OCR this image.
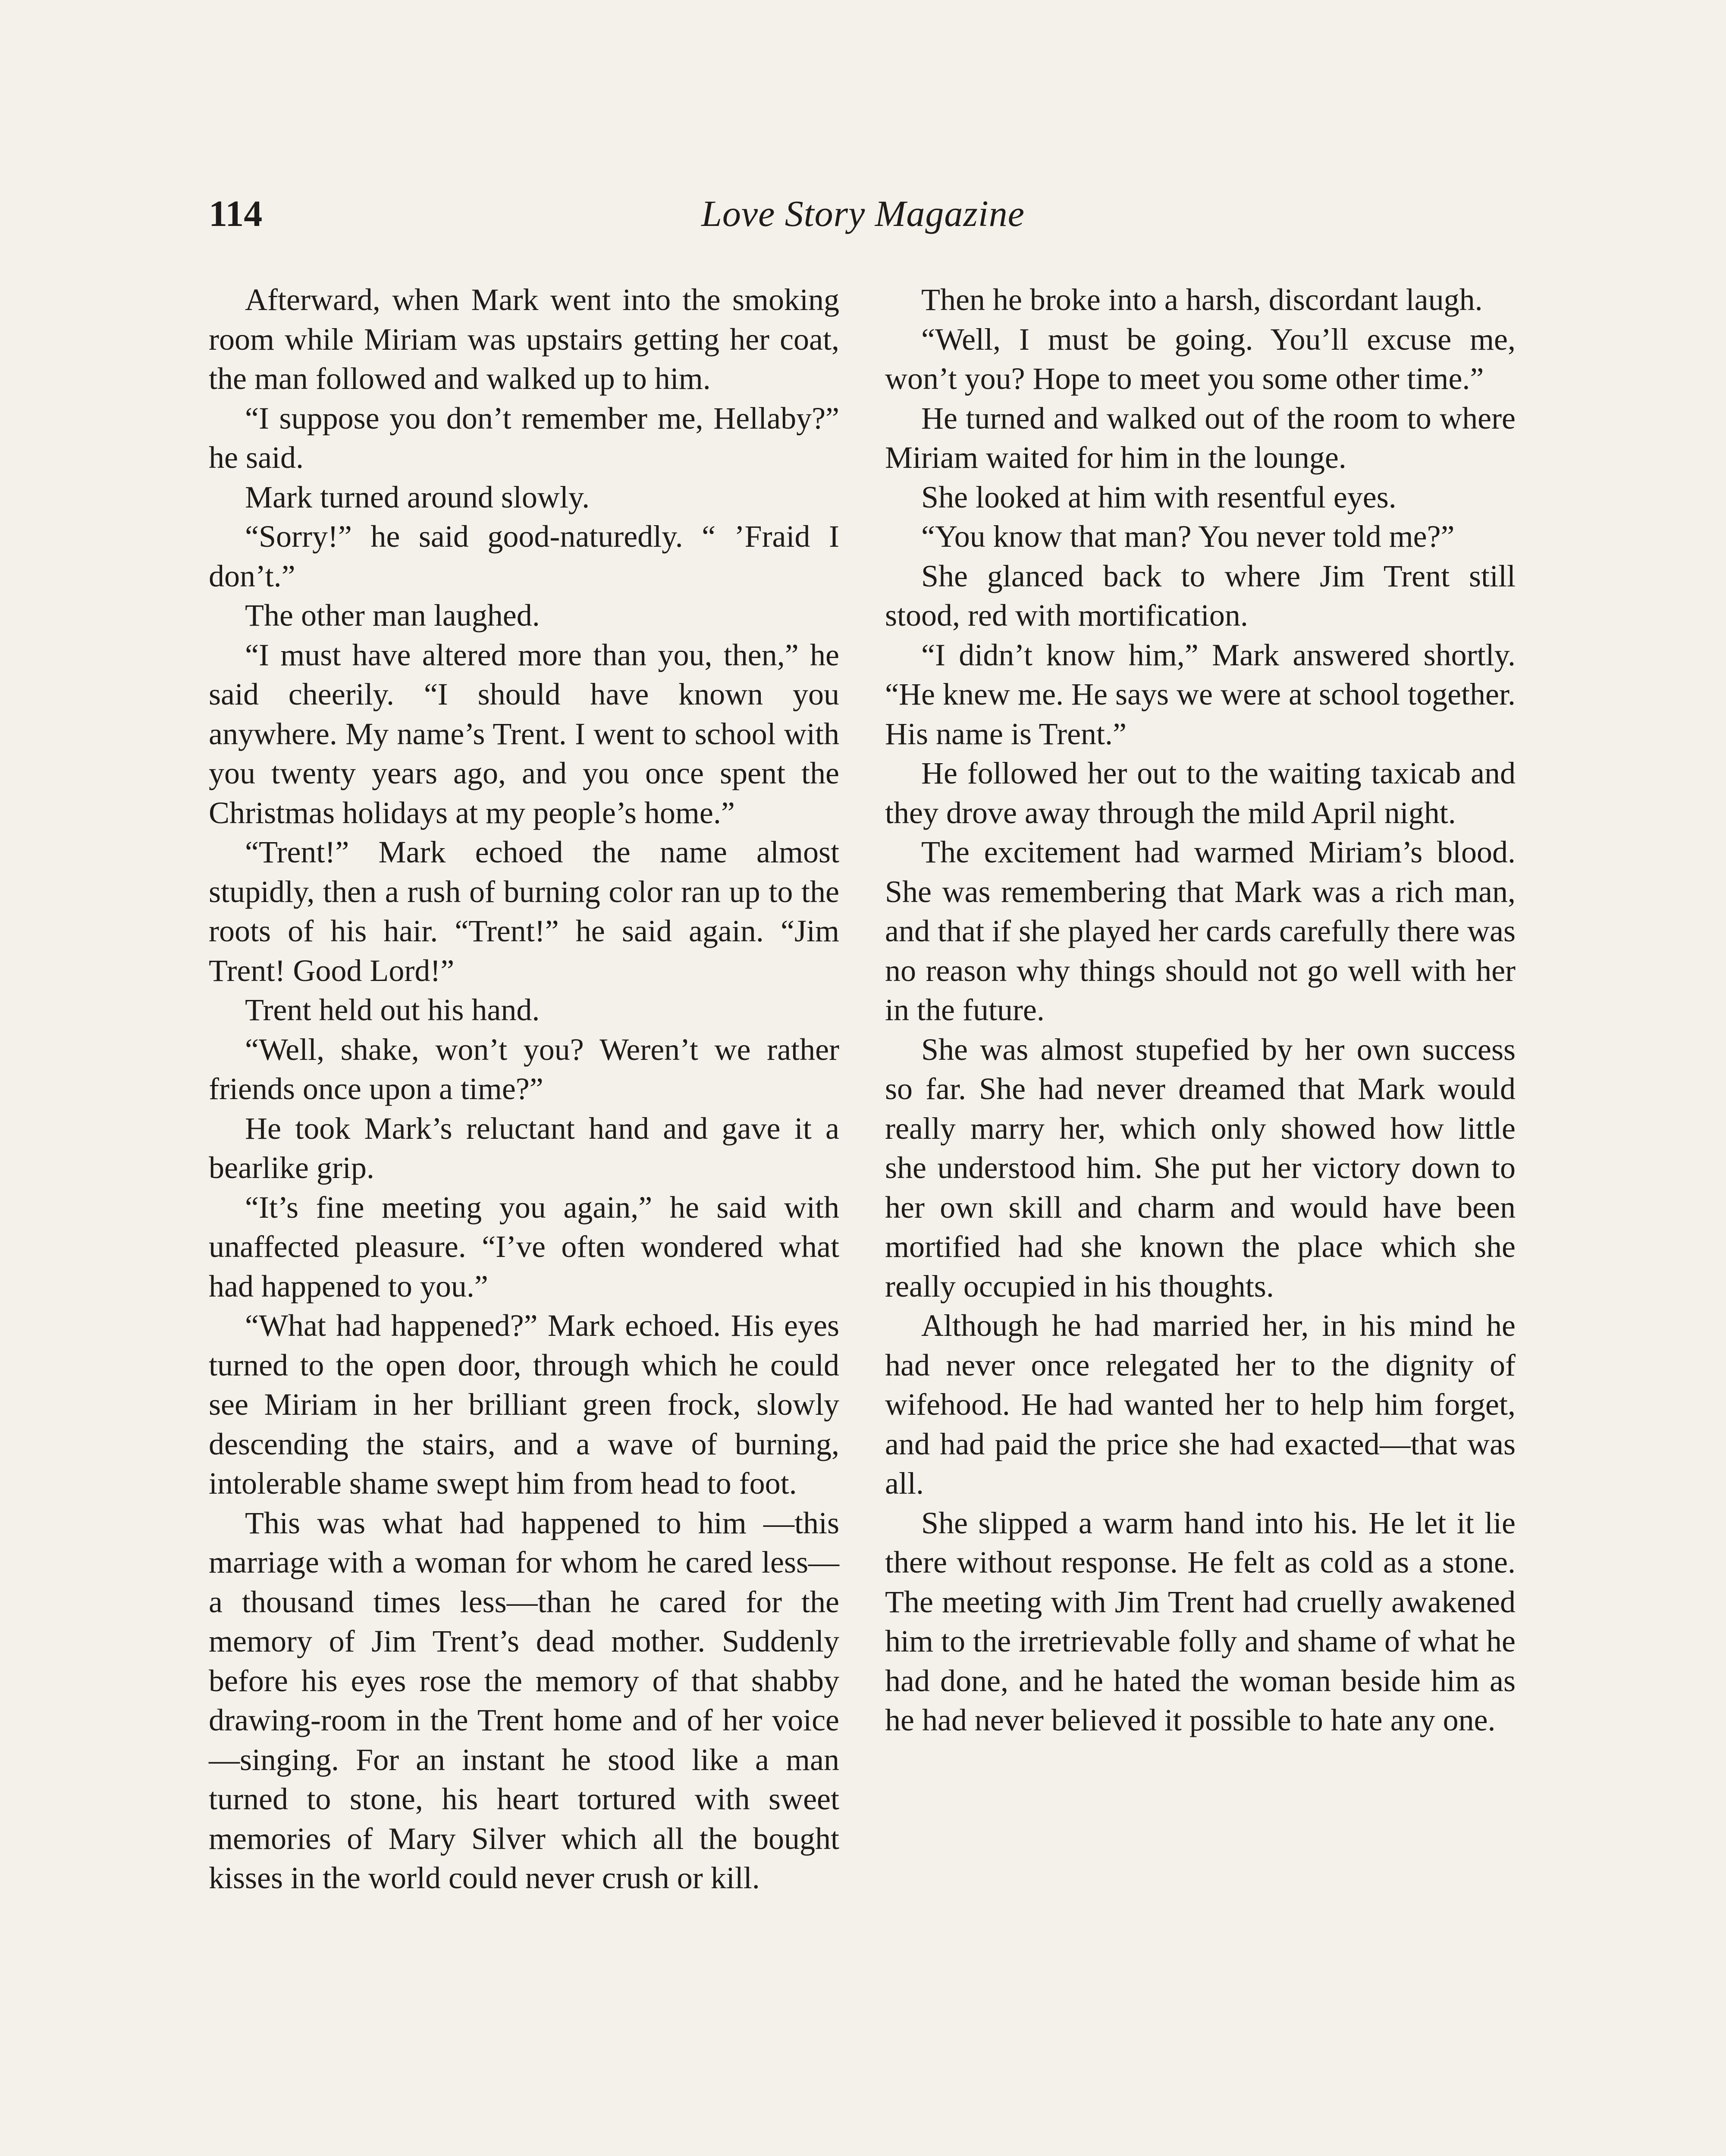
114	Love Story Magazine

Afterward, when Mark went into the smoking room while Miriam was upstairs getting her coat, the man followed and walked up to him.

“I suppose you don’t remember me, Hellaby?” he said.

Mark turned around slowly.

“Sorry!” he said good-naturedly. “ ’Fraid I don’t.”

The other man laughed.

“I must have altered more than you, then,” he said cheerily. “I should have known you anywhere. My name’s Trent. I went to school with you twenty years ago, and you once spent the Christmas holidays at my people’s home.”

“Trent!” Mark echoed the name almost stupidly, then a rush of burning color ran up to the roots of his hair. “Trent!” he said again. “Jim Trent! Good Lord!”

Trent held out his hand.

“Well, shake, won’t you? Weren’t we rather friends once upon a time?”

He took Mark’s reluctant hand and gave it a bearlike grip.

“It’s fine meeting you again,” he said with unaffected pleasure. “I’ve often wondered what had happened to you.”

“What had happened?” Mark echoed. His eyes turned to the open door, through which he could see Miriam in her brilliant green frock, slowly descending the stairs, and a wave of burning, intolerable shame swept him from head to foot.

This was what had happened to him —this marriage with a woman for whom he cared less—a thousand times less—than he cared for the memory of Jim Trent’s dead mother. Suddenly before his eyes rose the memory of that shabby drawing-room in the Trent home and of her voice—singing. For an instant he stood like a man turned to stone, his heart tortured with sweet memories of Mary Silver which all the bought kisses in the world could never crush or kill.

Then he broke into a harsh, discordant laugh.

“Well, I must be going. You’ll excuse me, won’t you? Hope to meet you some other time.”

He turned and walked out of the room to where Miriam waited for him in the lounge.

She looked at him with resentful eyes.

“You know that man? You never told me?”

She glanced back to where Jim Trent still stood, red with mortification.

“I didn’t know him,” Mark answered shortly. “He knew me. He says we were at school together. His name is Trent.”

He followed her out to the waiting taxicab and they drove away through the mild April night.

The excitement had warmed Miriam’s blood. She was remembering that Mark was a rich man, and that if she played her cards carefully there was no reason why things should not go well with her in the future.

She was almost stupefied by her own success so far. She had never dreamed that Mark would really marry her, which only showed how little she understood him. She put her victory down to her own skill and charm and would have been mortified had she known the place which she really occupied in his thoughts.

Although he had married her, in his mind he had never once relegated her to the dignity of wifehood. He had wanted her to help him forget, and had paid the price she had exacted—that was all.

She slipped a warm hand into his. He let it lie there without response. He felt as cold as a stone. The meeting with Jim Trent had cruelly awakened him to the irretrievable folly and shame of what he had done, and he hated the woman beside him as he had never believed it possible to hate any one.
